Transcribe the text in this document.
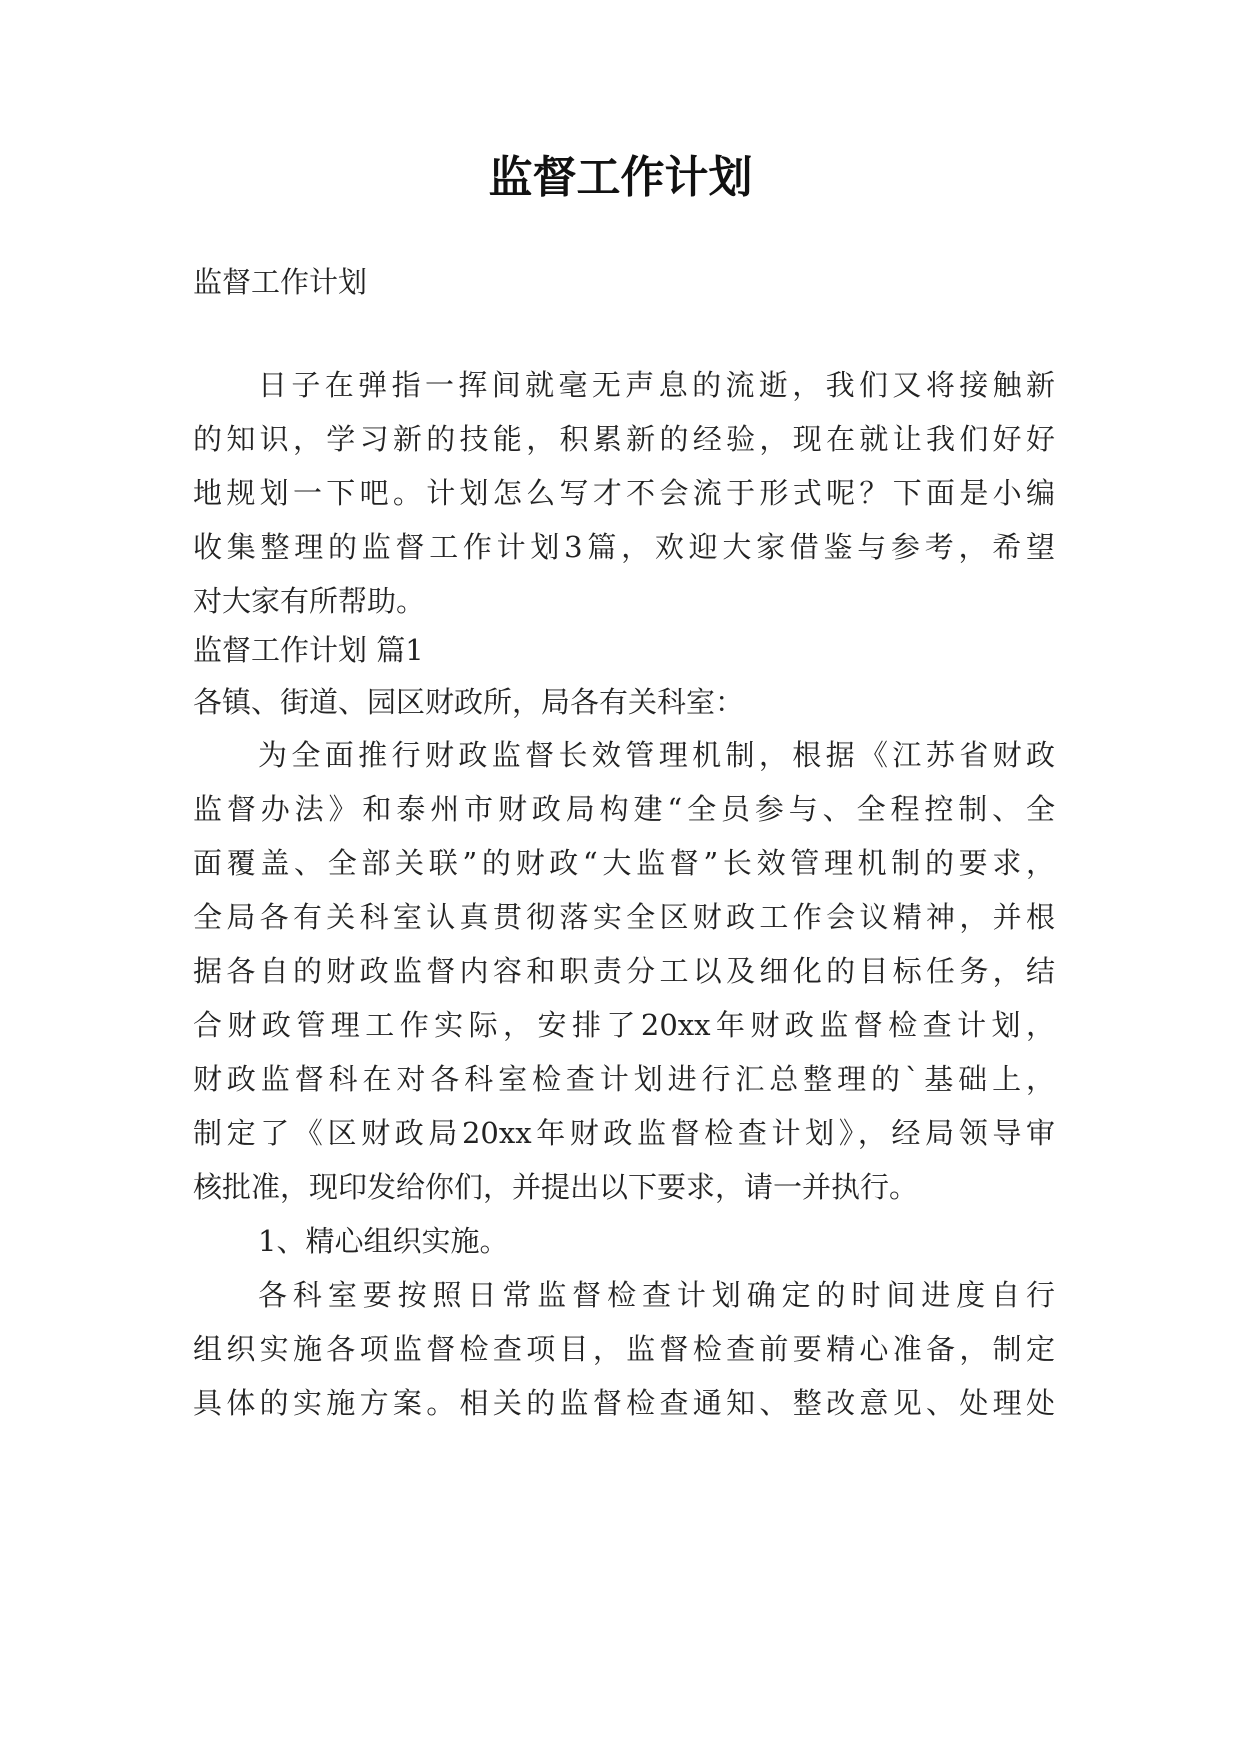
监督工作计划

监督工作计划

日子在弹指一挥间就毫无声息的流逝，我们又将接触新

的知识，学习新的技能，积累新的经验，现在就让我们好好

地规划一下吧。计划怎么写才不会流于形式呢？下面是小编

收集整理的监督工作计划3篇，欢迎大家借鉴与参考，希望

对大家有所帮助。

监督工作计划 篇1

各镇、街道、园区财政所，局各有关科室：

为全面推行财政监督长效管理机制，根据《江苏省财政

监督办法》和泰州市财政局构建“全员参与、全程控制、全

面覆盖、全部关联”的财政“大监督”长效管理机制的要求，

全局各有关科室认真贯彻落实全区财政工作会议精神，并根

据各自的财政监督内容和职责分工以及细化的目标任务，结

合财政管理工作实际，安排了20xx年财政监督检查计划，

财政监督科在对各科室检查计划进行汇总整理的`基础上，

制定了《区财政局20xx年财政监督检查计划》，经局领导审

核批准，现印发给你们，并提出以下要求，请一并执行。

1、精心组织实施。

各科室要按照日常监督检查计划确定的时间进度自行

组织实施各项监督检查项目，监督检查前要精心准备，制定

具体的实施方案。相关的监督检查通知、整改意见、处理处
